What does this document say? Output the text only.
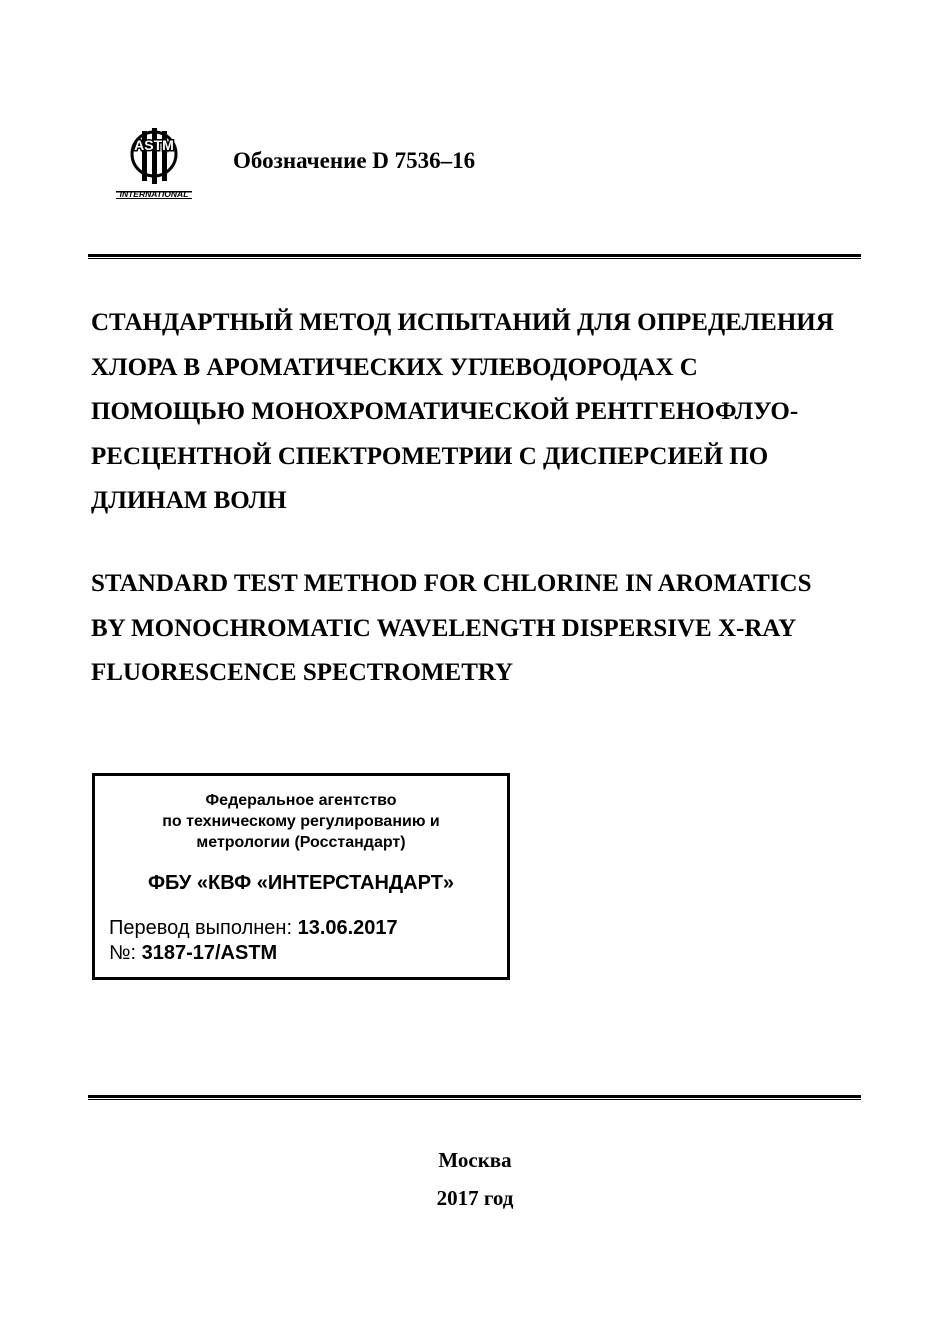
ASTM
INTERNATIONAL
Обозначение D 7536–16
СТАНДАРТНЫЙ МЕТОД ИСПЫТАНИЙ ДЛЯ ОПРЕДЕЛЕНИЯ
ХЛОРА В АРОМАТИЧЕСКИХ УГЛЕВОДОРОДАХ С
ПОМОЩЬЮ МОНОХРОМАТИЧЕСКОЙ РЕНТГЕНОФЛУО-
РЕСЦЕНТНОЙ СПЕКТРОМЕТРИИ С ДИСПЕРСИЕЙ ПО
ДЛИНАМ ВОЛН
STANDARD TEST METHOD FOR CHLORINE IN AROMATICS
BY MONOCHROMATIC WAVELENGTH DISPERSIVE X-RAY
FLUORESCENCE SPECTROMETRY
Федеральное агентство
по техническому регулированию и
метрологии (Росстандарт)
ФБУ «КВФ «ИНТЕРСТАНДАРТ»
Перевод выполнен: 13.06.2017
№: 3187-17/ASTM
Москва
2017 год
